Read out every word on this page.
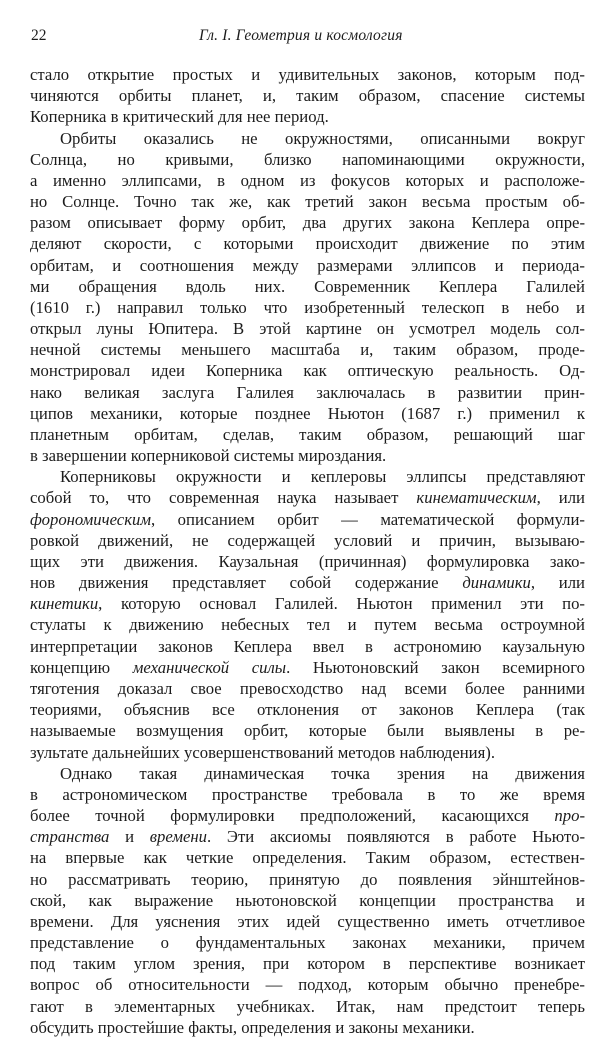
22	Гл. I. Геометрия и космология
стало открытие простых и удивительных законов, которым под-
чиняются орбиты планет, и, таким образом, спасение системы
Коперника в критический для нее период.
Орбиты оказались не окружностями, описанными вокруг
Солнца, но кривыми, близко напоминающими окружности,
а именно эллипсами, в одном из фокусов которых и расположе-
но Солнце. Точно так же, как третий закон весьма простым об-
разом описывает форму орбит, два других закона Кеплера опре-
деляют скорости, с которыми происходит движение по этим
орбитам, и соотношения между размерами эллипсов и периода-
ми обращения вдоль них. Современник Кеплера Галилей
(1610 г.) направил только что изобретенный телескоп в небо и
открыл луны Юпитера. В этой картине он усмотрел модель сол-
нечной системы меньшего масштаба и, таким образом, проде-
монстрировал идеи Коперника как оптическую реальность. Од-
нако великая заслуга Галилея заключалась в развитии прин-
ципов механики, которые позднее Ньютон (1687 г.) применил к
планетным орбитам, сделав, таким образом, решающий шаг
в завершении коперниковой системы мироздания.
Коперниковы окружности и кеплеровы эллипсы представляют
собой то, что современная наука называет кинематическим, или
форономическим, описанием орбит — математической формули-
ровкой движений, не содержащей условий и причин, вызываю-
щих эти движения. Каузальная (причинная) формулировка зако-
нов движения представляет собой содержание динамики, или
кинетики, которую основал Галилей. Ньютон применил эти по-
стулаты к движению небесных тел и путем весьма остроумной
интерпретации законов Кеплера ввел в астрономию каузальную
концепцию механической силы. Ньютоновский закон всемирного
тяготения доказал свое превосходство над всеми более ранними
теориями, объяснив все отклонения от законов Кеплера (так
называемые возмущения орбит, которые были выявлены в ре-
зультате дальнейших усовершенствований методов наблюдения).
Однако такая динамическая точка зрения на движения
в астрономическом пространстве требовала в то же время
более точной формулировки предположений, касающихся про-
странства и времени. Эти аксиомы появляются в работе Ньюто-
на впервые как четкие определения. Таким образом, естествен-
но рассматривать теорию, принятую до появления эйнштейнов-
ской, как выражение ньютоновской концепции пространства и
времени. Для уяснения этих идей существенно иметь отчетливое
представление о фундаментальных законах механики, причем
под таким углом зрения, при котором в перспективе возникает
вопрос об относительности — подход, которым обычно пренебре-
гают в элементарных учебниках. Итак, нам предстоит теперь
обсудить простейшие факты, определения и законы механики.
